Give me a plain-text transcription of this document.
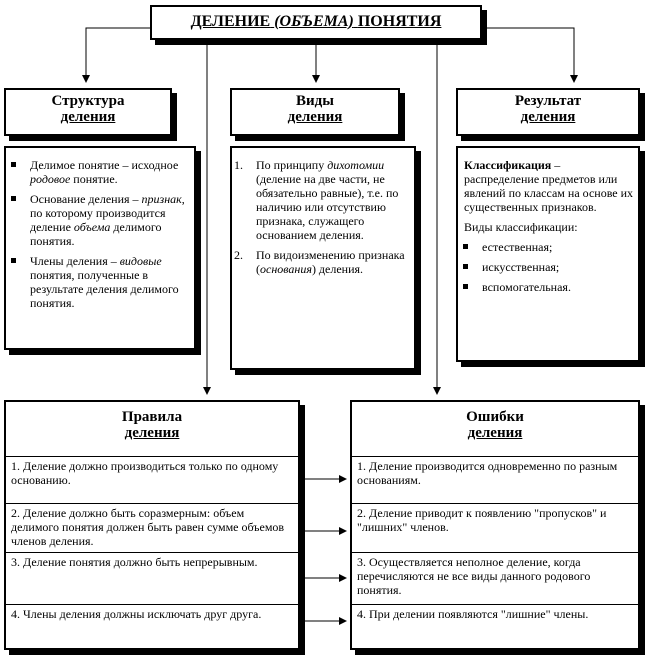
ДЕЛЕНИЕ (ОБЪЕМА) ПОНЯТИЯ
Структура
деления
Виды
деления
Результат
деления
Делимое понятие – исходное родовое понятие.
Основание деления – признак, по которому производится деление объема делимого понятия.
Члены деления – видовые понятия, полученные в результате деления делимого понятия.
1. По принципу дихотомии (деление на две части, не обязательно равные), т.е. по наличию или отсутствию признака, служащего основанием деления.
2. По видоизменению признака (основания) деления.
Классификация – распределение предметов или явлений по классам на основе их существенных признаков.
Виды классификации:
естественная;
искусственная;
вспомогательная.
Правила
деления
1. Деление должно производиться только по одному основанию.
2. Деление должно быть соразмерным: объем делимого понятия должен быть равен сумме объемов членов деления.
3. Деление понятия должно быть непрерывным.
4. Члены деления должны исключать друг друга.
Ошибки
деления
1. Деление производится одновременно по разным основаниям.
2. Деление приводит к появлению "пропусков" и "лишних" членов.
3. Осуществляется неполное деление, когда перечисляются не все виды данного родового понятия.
4. При делении появляются "лишние" члены.
